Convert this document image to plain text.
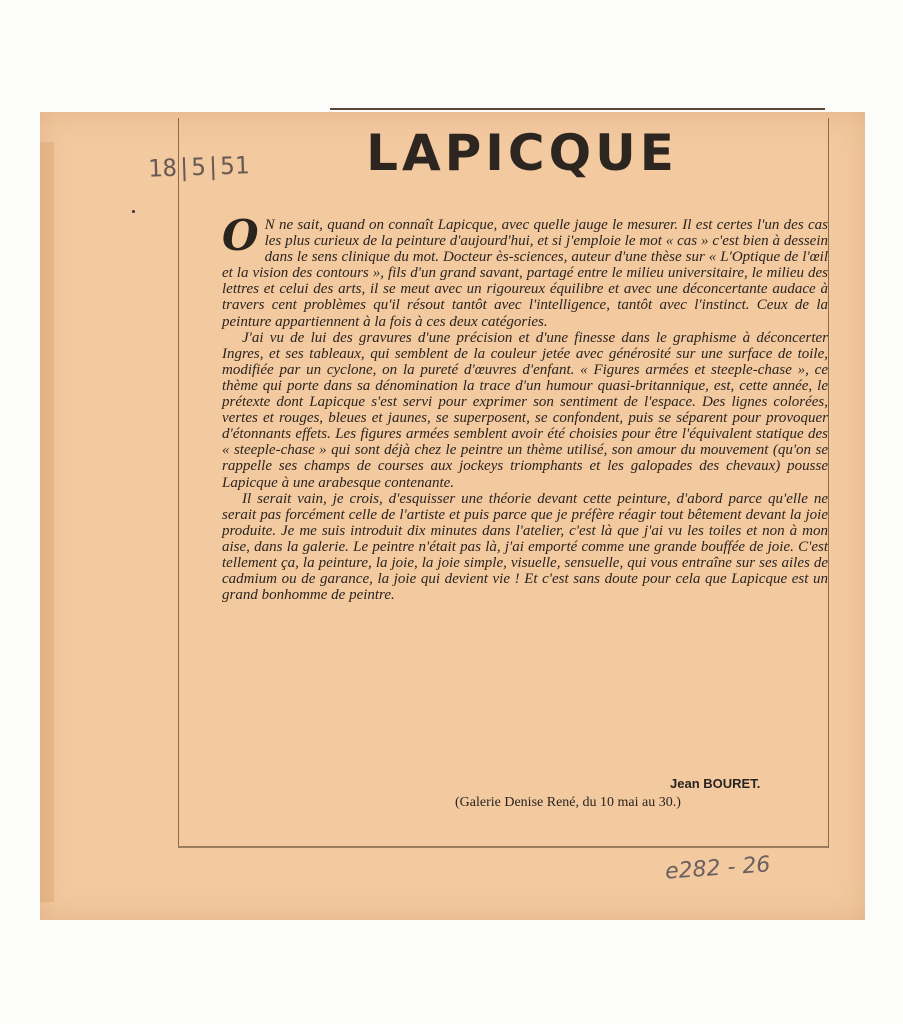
18|5|51	LAPICQUE

O N ne sait, quand on connaît Lapicque, avec quelle jauge le mesurer. Il est certes l'un des cas les plus curieux de la peinture d'aujourd'hui, et si j'emploie le mot « cas » c'est bien à dessein dans le sens clinique du mot. Docteur ès-sciences, auteur d'une thèse sur « L'Optique de l'œil et la vision des contours », fils d'un grand savant, partagé entre le milieu universitaire, le milieu des lettres et celui des arts, il se meut avec un rigoureux équilibre et avec une déconcertante audace à travers cent problèmes qu'il résout tantôt avec l'intelligence, tantôt avec l'instinct. Ceux de la peinture appartiennent à la fois à ces deux catégories.

J'ai vu de lui des gravures d'une précision et d'une finesse dans le graphisme à déconcerter Ingres, et ses tableaux, qui semblent de la couleur jetée avec générosité sur une surface de toile, modifiée par un cyclone, on la pureté d'œuvres d'enfant. « Figures armées et steeple-chase », ce thème qui porte dans sa dénomination la trace d'un humour quasi-britannique, est, cette année, le prétexte dont Lapicque s'est servi pour exprimer son sentiment de l'espace. Des lignes colorées, vertes et rouges, bleues et jaunes, se superposent, se confondent, puis se séparent pour provoquer d'étonnants effets. Les figures armées semblent avoir été choisies pour être l'équivalent statique des « steeple-chase » qui sont déjà chez le peintre un thème utilisé, son amour du mouvement (qu'on se rappelle ses champs de courses aux jockeys triomphants et les galopades des chevaux) pousse Lapicque à une arabesque contenante.

Il serait vain, je crois, d'esquisser une théorie devant cette peinture, d'abord parce qu'elle ne serait pas forcément celle de l'artiste et puis parce que je préfère réagir tout bêtement devant la joie produite. Je me suis introduit dix minutes dans l'atelier, c'est là que j'ai vu les toiles et non à mon aise, dans la galerie. Le peintre n'était pas là, j'ai emporté comme une grande bouffée de joie. C'est tellement ça, la peinture, la joie, la joie simple, visuelle, sensuelle, qui vous entraîne sur ses ailes de cadmium ou de garance, la joie qui devient vie ! Et c'est sans doute pour cela que Lapicque est un grand bonhomme de peintre.

Jean BOURET.
(Galerie Denise René, du 10 mai au 30.)
e282 - 26
